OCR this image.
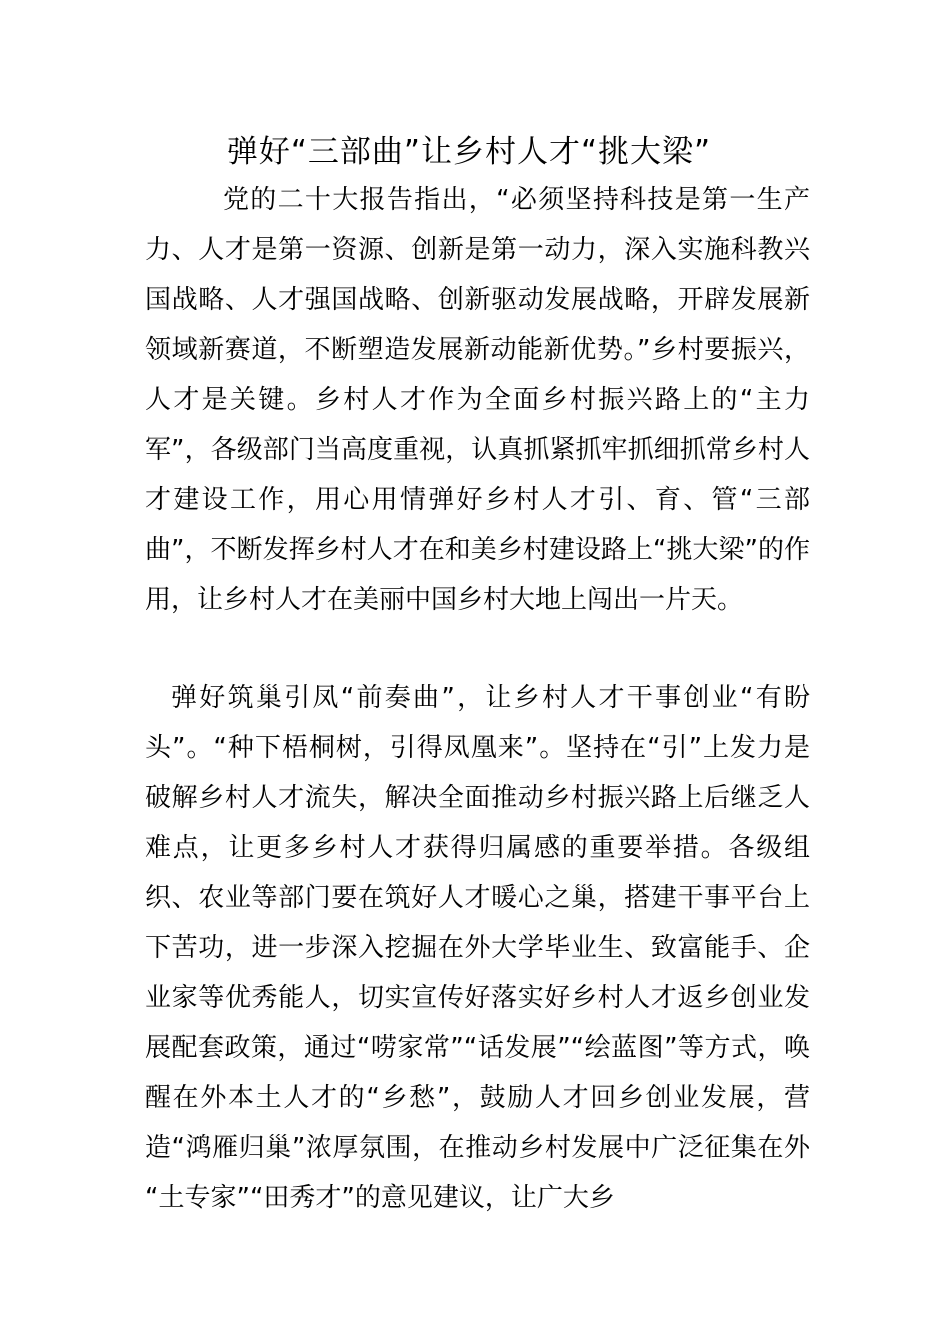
弹好“三部曲”让乡村人才“挑大梁”

党的二十大报告指出，“必须坚持科技是第一生产力、人才是第一资源、创新是第一动力，深入实施科教兴国战略、人才强国战略、创新驱动发展战略，开辟发展新领域新赛道，不断塑造发展新动能新优势。”乡村要振兴，人才是关键。乡村人才作为全面乡村振兴路上的“主力军”，各级部门当高度重视，认真抓紧抓牢抓细抓常乡村人才建设工作，用心用情弹好乡村人才引、育、管“三部曲”，不断发挥乡村人才在和美乡村建设路上“挑大梁”的作用，让乡村人才在美丽中国乡村大地上闯出一片天。

弹好筑巢引凤“前奏曲”，让乡村人才干事创业“有盼头”。“种下梧桐树，引得凤凰来”。坚持在“引”上发力是破解乡村人才流失，解决全面推动乡村振兴路上后继乏人难点，让更多乡村人才获得归属感的重要举措。各级组织、农业等部门要在筑好人才暖心之巢，搭建干事平台上下苦功，进一步深入挖掘在外大学毕业生、致富能手、企业家等优秀能人，切实宣传好落实好乡村人才返乡创业发展配套政策，通过“唠家常”“话发展”“绘蓝图”等方式，唤醒在外本土人才的“乡愁”，鼓励人才回乡创业发展，营造“鸿雁归巢”浓厚氛围，在推动乡村发展中广泛征集在外 “土专家”“田秀才”的意见建议，让广大乡
